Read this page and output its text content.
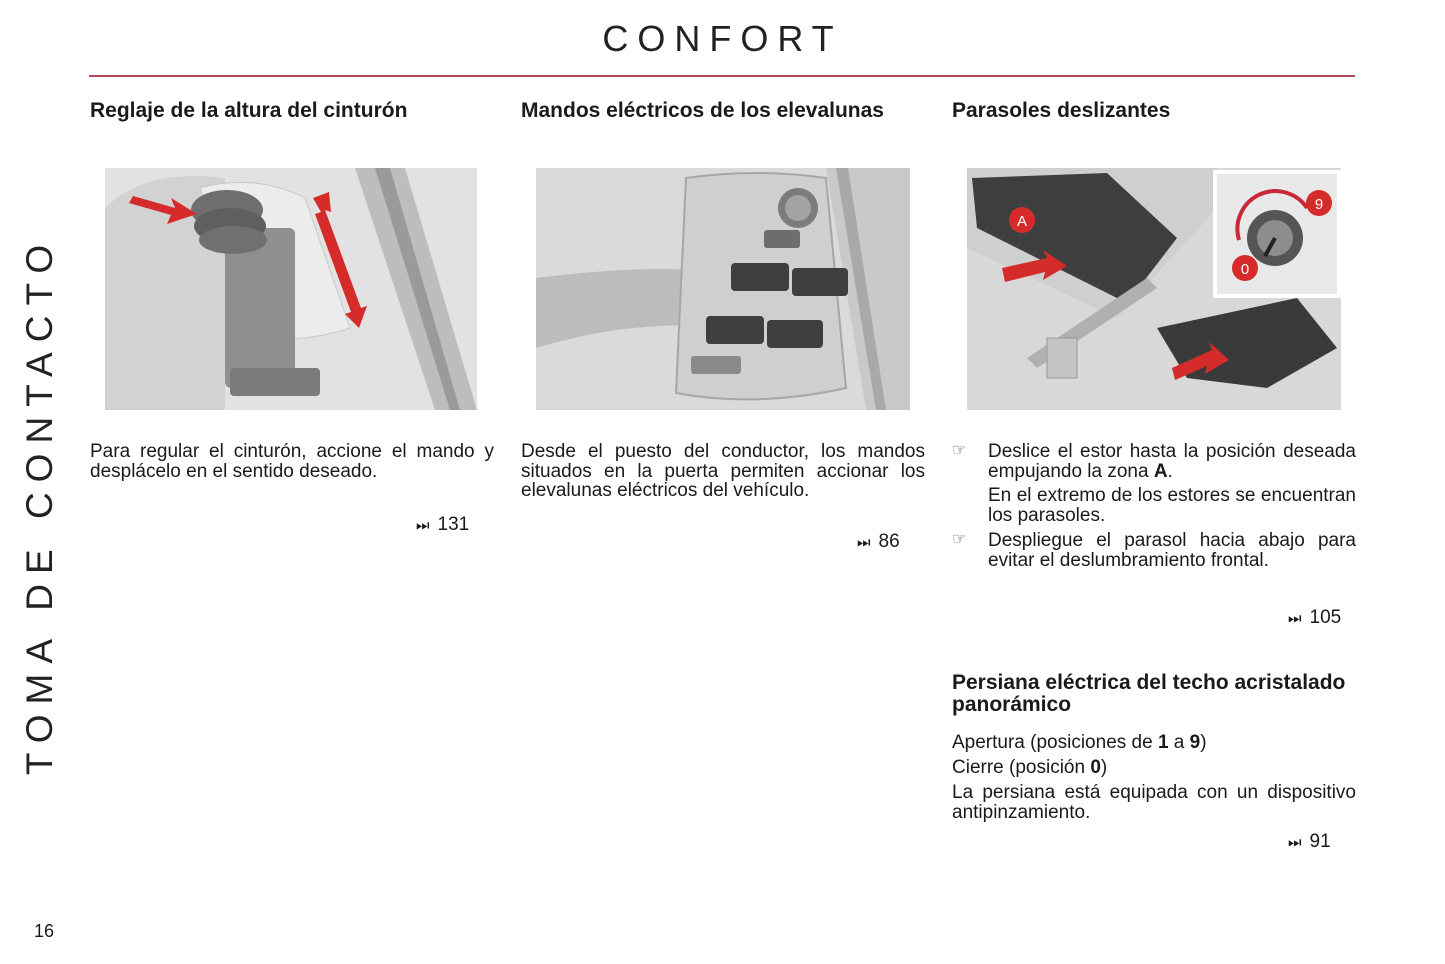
CONFORT
TOMA DE CONTACTO
16
Reglaje de la altura del cinturón

Para regular el cinturón, accione el mando y desplácelo en el sentido deseado.

⏭ 131
Mandos eléctricos de los elevalunas

Desde el puesto del conductor, los mandos situados en la puerta permiten accionar los elevalunas eléctricos del vehículo.

⏭ 86
Parasoles deslizantes
A
9
0
☞ Deslice el estor hasta la posición deseada empujando la zona A.
En el extremo de los estores se encuentran los parasoles.
☞ Despliegue el parasol hacia abajo para evitar el deslumbramiento frontal.
⏭ 105
Persiana eléctrica del techo acristalado panorámico
Apertura (posiciones de 1 a 9)
Cierre (posición 0)

La persiana está equipada con un dispositivo antipinzamiento.

⏭ 91
